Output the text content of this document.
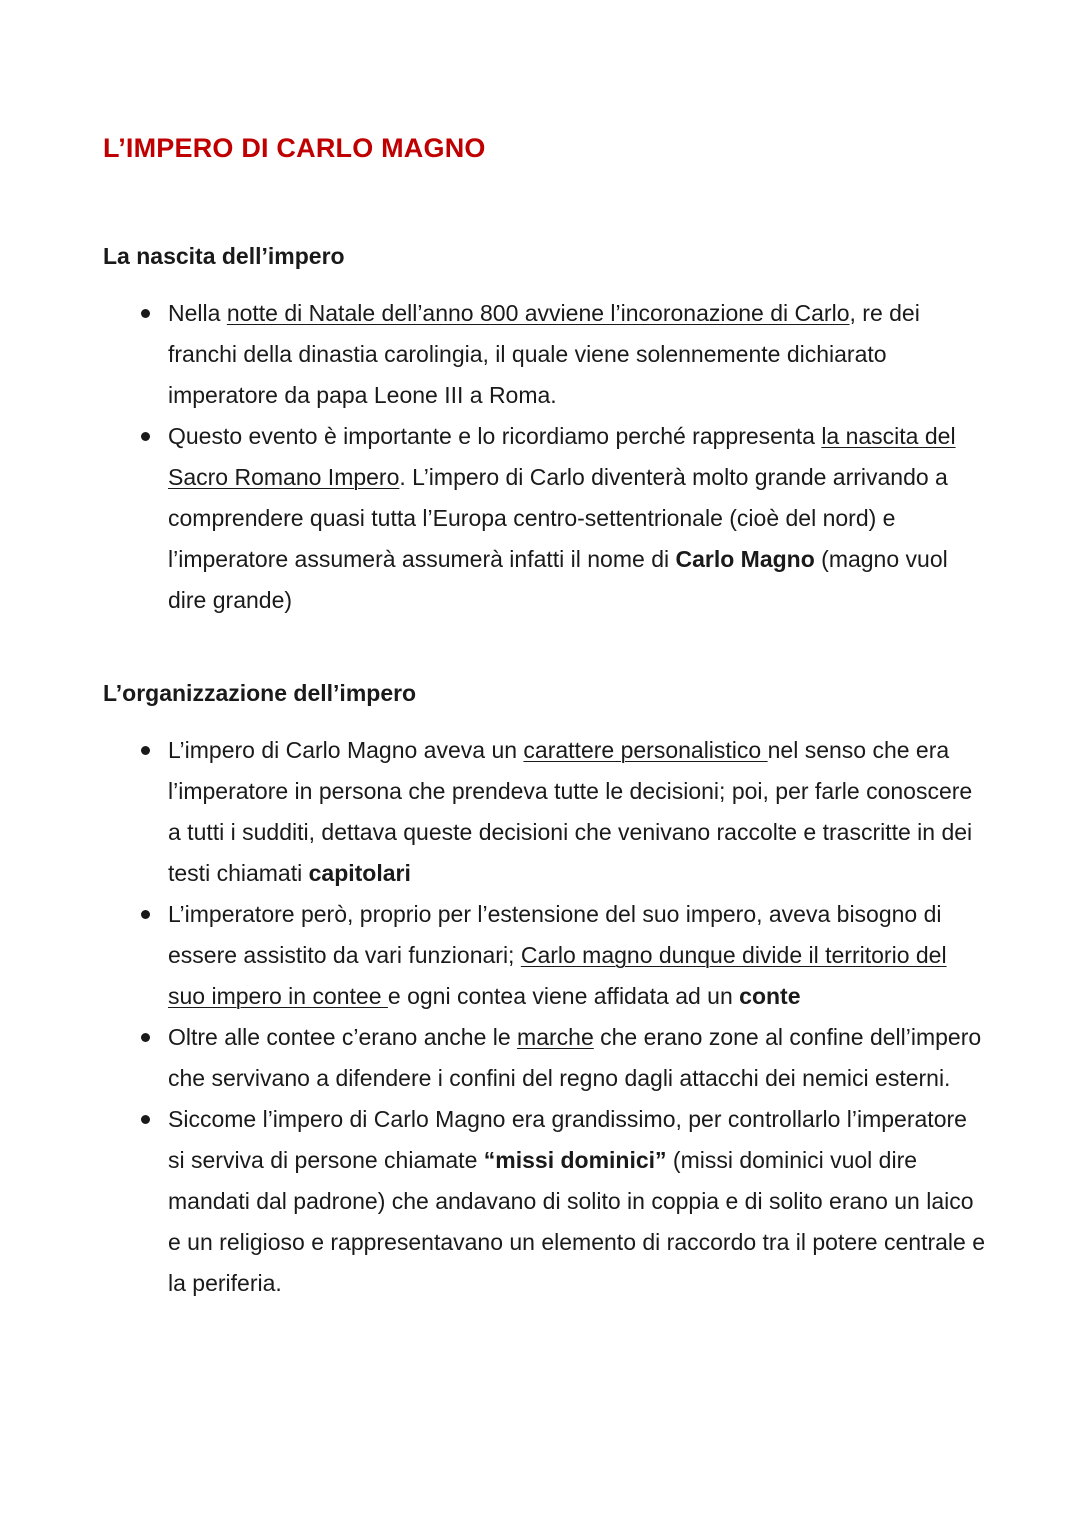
L’IMPERO DI CARLO MAGNO
La nascita dell’impero
Nella notte di Natale dell’anno 800 avviene l’incoronazione di Carlo, re dei franchi della dinastia carolingia, il quale viene solennemente dichiarato imperatore da papa Leone III a Roma.
Questo evento è importante e lo ricordiamo perché rappresenta la nascita del Sacro Romano Impero. L’impero di Carlo diventerà molto grande arrivando a comprendere quasi tutta l’Europa centro-settentrionale (cioè del nord) e l’imperatore assumerà assumerà infatti il nome di Carlo Magno (magno vuol dire grande)
L’organizzazione dell’impero
L’impero di Carlo Magno aveva un carattere personalistico nel senso che era l’imperatore in persona che prendeva tutte le decisioni; poi, per farle conoscere a tutti i sudditi, dettava queste decisioni che venivano raccolte e trascritte in dei testi chiamati capitolari
L’imperatore però, proprio per l’estensione del suo impero, aveva bisogno di essere assistito da vari funzionari; Carlo magno dunque divide il territorio del suo impero in contee e ogni contea viene affidata ad un conte
Oltre alle contee c’erano anche le marche che erano zone al confine dell’impero che servivano a difendere i confini del regno dagli attacchi dei nemici esterni.
Siccome l’impero di Carlo Magno era grandissimo, per controllarlo l’imperatore si serviva di persone chiamate “missi dominici” (missi dominici vuol dire mandati dal padrone) che andavano di solito in coppia e di solito erano un laico e un religioso e rappresentavano un elemento di raccordo tra il potere centrale e la periferia.
